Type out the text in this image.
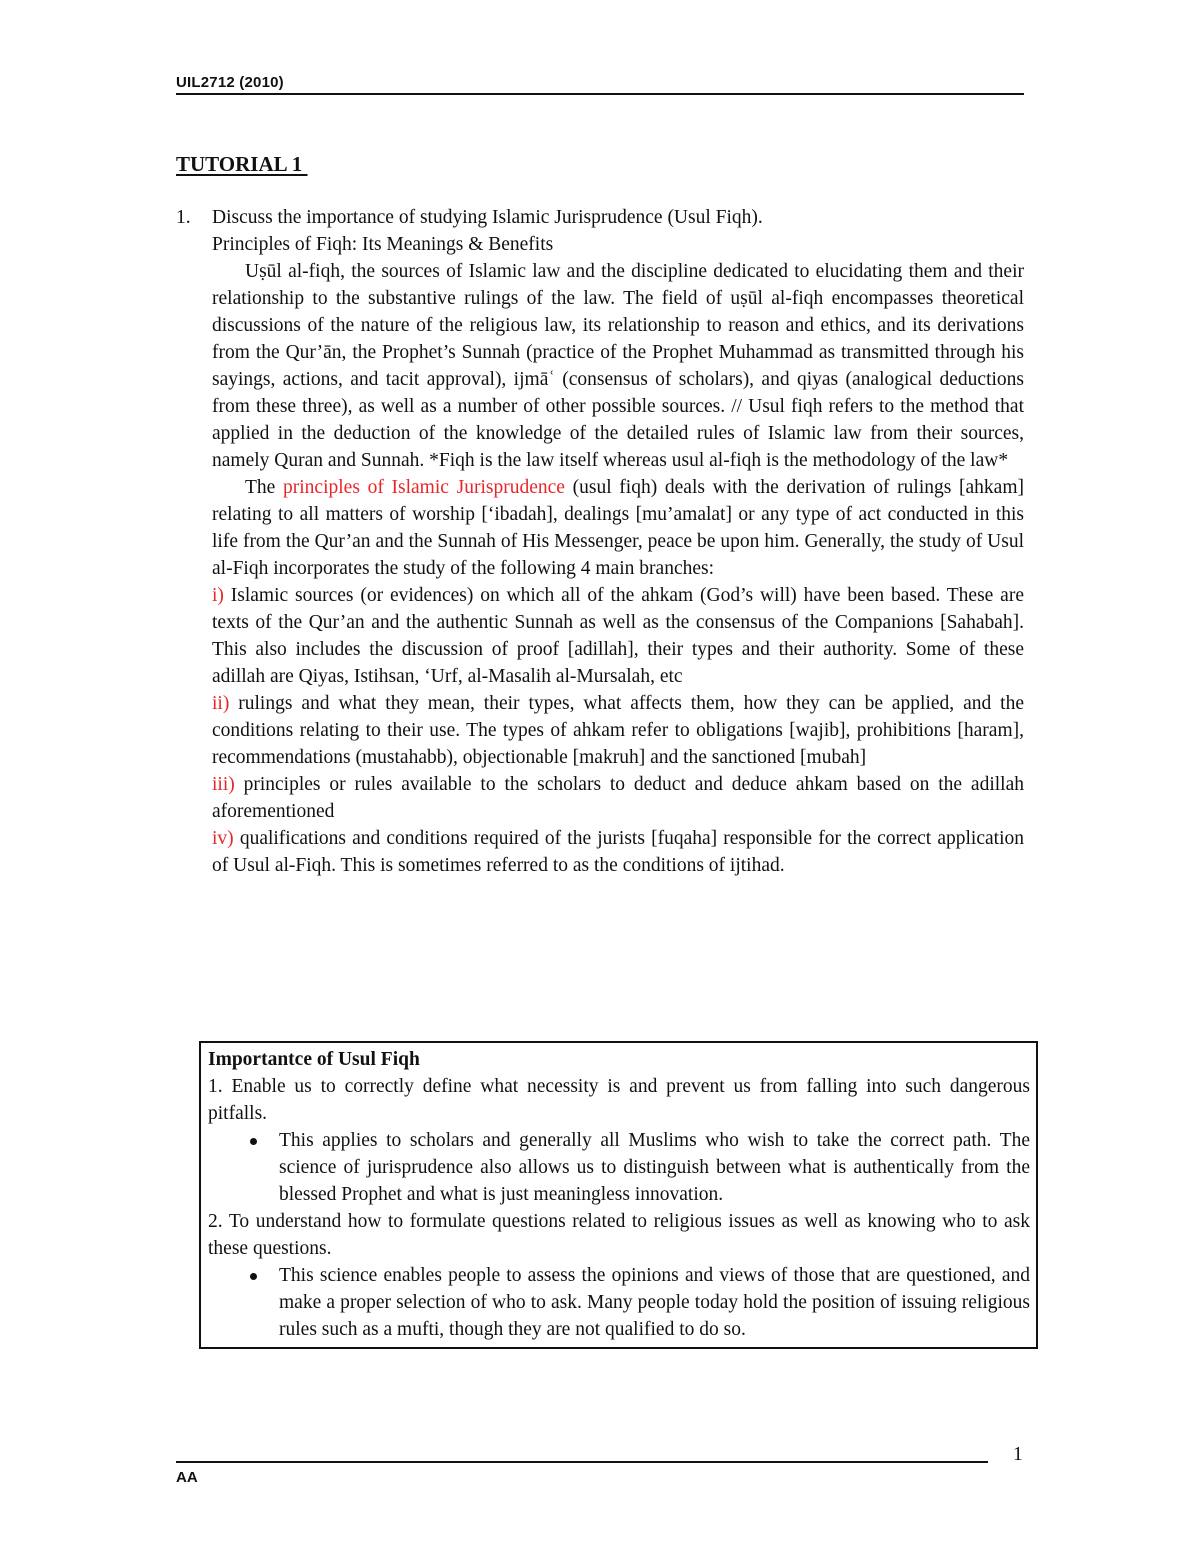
UIL2712 (2010)
TUTORIAL 1
1. Discuss the importance of studying Islamic Jurisprudence (Usul Fiqh).

Principles of Fiqh: Its Meanings & Benefits

Uṣūl al-fiqh, the sources of Islamic law and the discipline dedicated to elucidating them and their relationship to the substantive rulings of the law. The field of uṣūl al-fiqh encompasses theoretical discussions of the nature of the religious law, its relationship to reason and ethics, and its derivations from the Qur’ān, the Prophet’s Sunnah (practice of the Prophet Muhammad as transmitted through his sayings, actions, and tacit approval), ijmāʿ (consensus of scholars), and qiyas (analogical deductions from these three), as well as a number of other possible sources. // Usul fiqh refers to the method that applied in the deduction of the knowledge of the detailed rules of Islamic law from their sources, namely Quran and Sunnah. *Fiqh is the law itself whereas usul al-fiqh is the methodology of the law*

The principles of Islamic Jurisprudence (usul fiqh) deals with the derivation of rulings [ahkam] relating to all matters of worship [‘ibadah], dealings [mu’amalat] or any type of act conducted in this life from the Qur’an and the Sunnah of His Messenger, peace be upon him. Generally, the study of Usul al-Fiqh incorporates the study of the following 4 main branches:

i) Islamic sources (or evidences) on which all of the ahkam (God’s will) have been based. These are texts of the Qur’an and the authentic Sunnah as well as the consensus of the Companions [Sahabah]. This also includes the discussion of proof [adillah], their types and their authority. Some of these adillah are Qiyas, Istihsan, ‘Urf, al-Masalih al-Mursalah, etc

ii) rulings and what they mean, their types, what affects them, how they can be applied, and the conditions relating to their use. The types of ahkam refer to obligations [wajib], prohibitions [haram], recommendations (mustahabb), objectionable [makruh] and the sanctioned [mubah]

iii) principles or rules available to the scholars to deduct and deduce ahkam based on the adillah aforementioned

iv) qualifications and conditions required of the jurists [fuqaha] responsible for the correct application of Usul al-Fiqh. This is sometimes referred to as the conditions of ijtihad.

Importantce of Usul Fiqh

1. Enable us to correctly define what necessity is and prevent us from falling into such dangerous pitfalls.

This applies to scholars and generally all Muslims who wish to take the correct path. The science of jurisprudence also allows us to distinguish between what is authentically from the blessed Prophet and what is just meaningless innovation.

2. To understand how to formulate questions related to religious issues as well as knowing who to ask these questions.

This science enables people to assess the opinions and views of those that are questioned, and make a proper selection of who to ask. Many people today hold the position of issuing religious rules such as a mufti, though they are not qualified to do so.
1
AA
